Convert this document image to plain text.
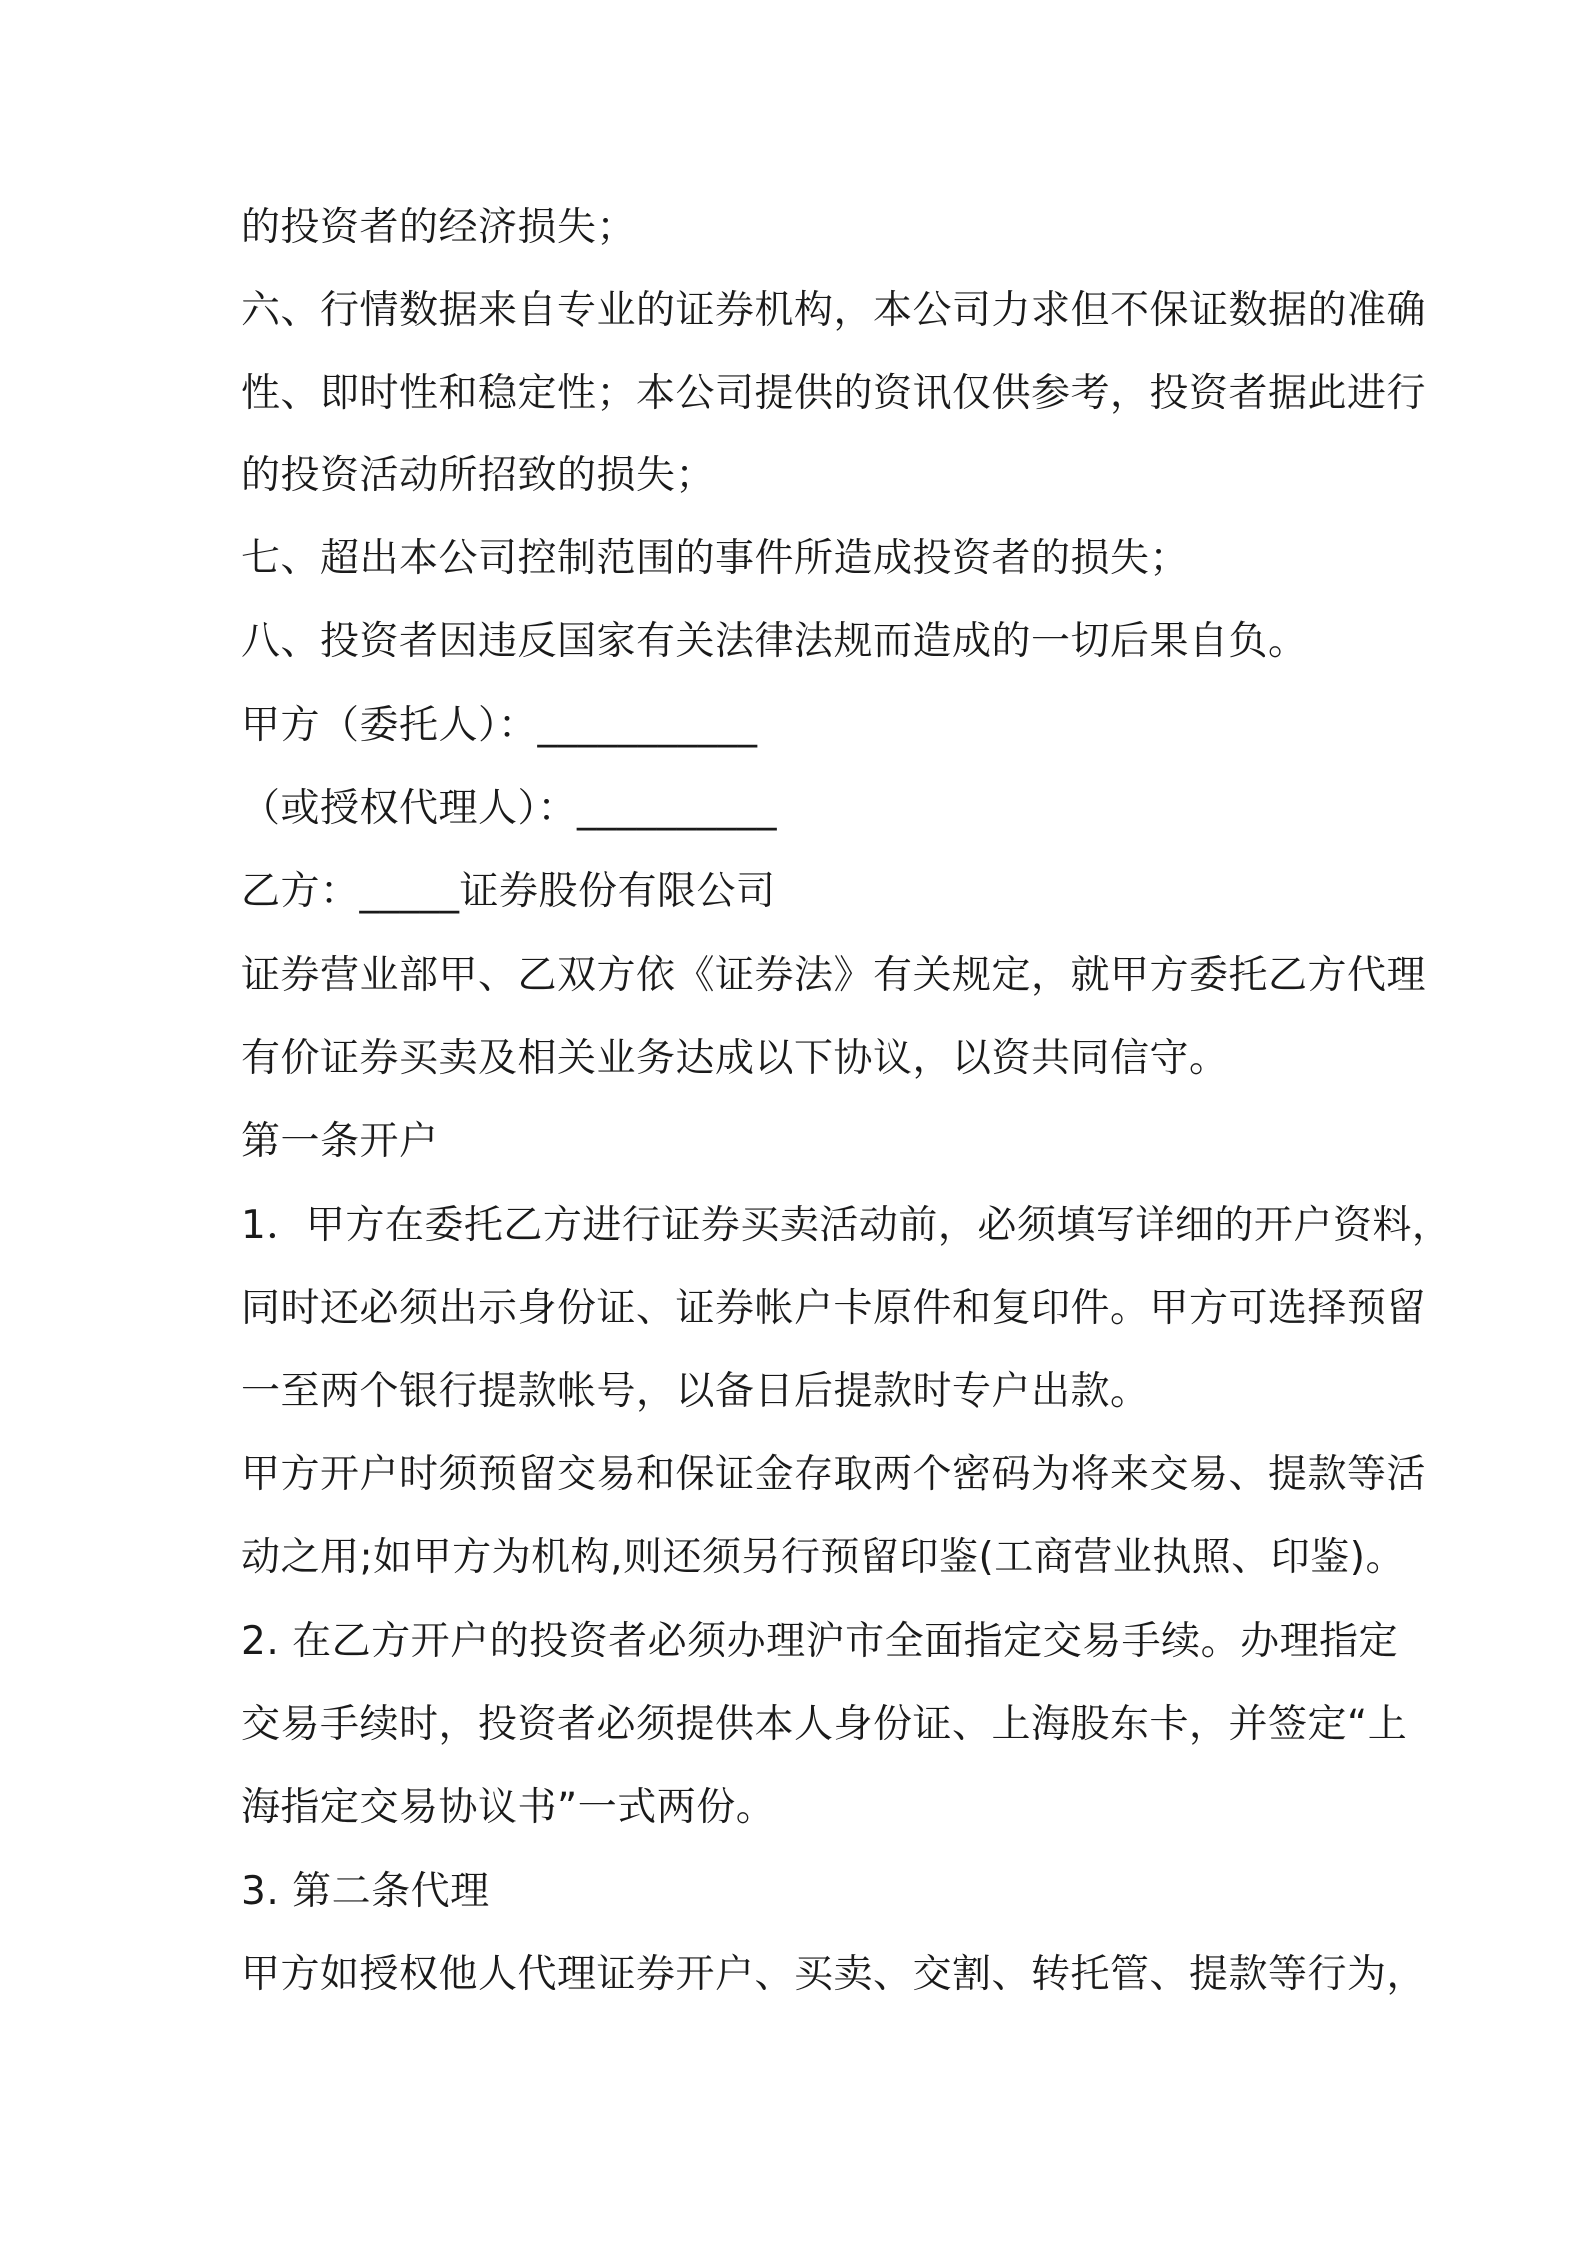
的投资者的经济损失；
六、行情数据来自专业的证券机构，本公司力求但不保证数据的准确
性、即时性和稳定性；本公司提供的资讯仅供参考，投资者据此进行
的投资活动所招致的损失；
七、超出本公司控制范围的事件所造成投资者的损失；
八、投资者因违反国家有关法律法规而造成的一切后果自负。
甲方（委托人）：___________
（或授权代理人）：__________
乙方：_____证券股份有限公司
证券营业部甲、乙双方依《证券法》有关规定，就甲方委托乙方代理
有价证券买卖及相关业务达成以下协议，以资共同信守。
第一条开户
1．甲方在委托乙方进行证券买卖活动前，必须填写详细的开户资料，
同时还必须出示身份证、证券帐户卡原件和复印件。甲方可选择预留
一至两个银行提款帐号，以备日后提款时专户出款。
甲方开户时须预留交易和保证金存取两个密码为将来交易、提款等活
动之用;如甲方为机构,则还须另行预留印鉴(工商营业执照、印鉴)。
2. 在乙方开户的投资者必须办理沪市全面指定交易手续。办理指定
交易手续时，投资者必须提供本人身份证、上海股东卡，并签定“上
海指定交易协议书”一式两份。
3. 第二条代理
甲方如授权他人代理证券开户、买卖、交割、转托管、提款等行为，
